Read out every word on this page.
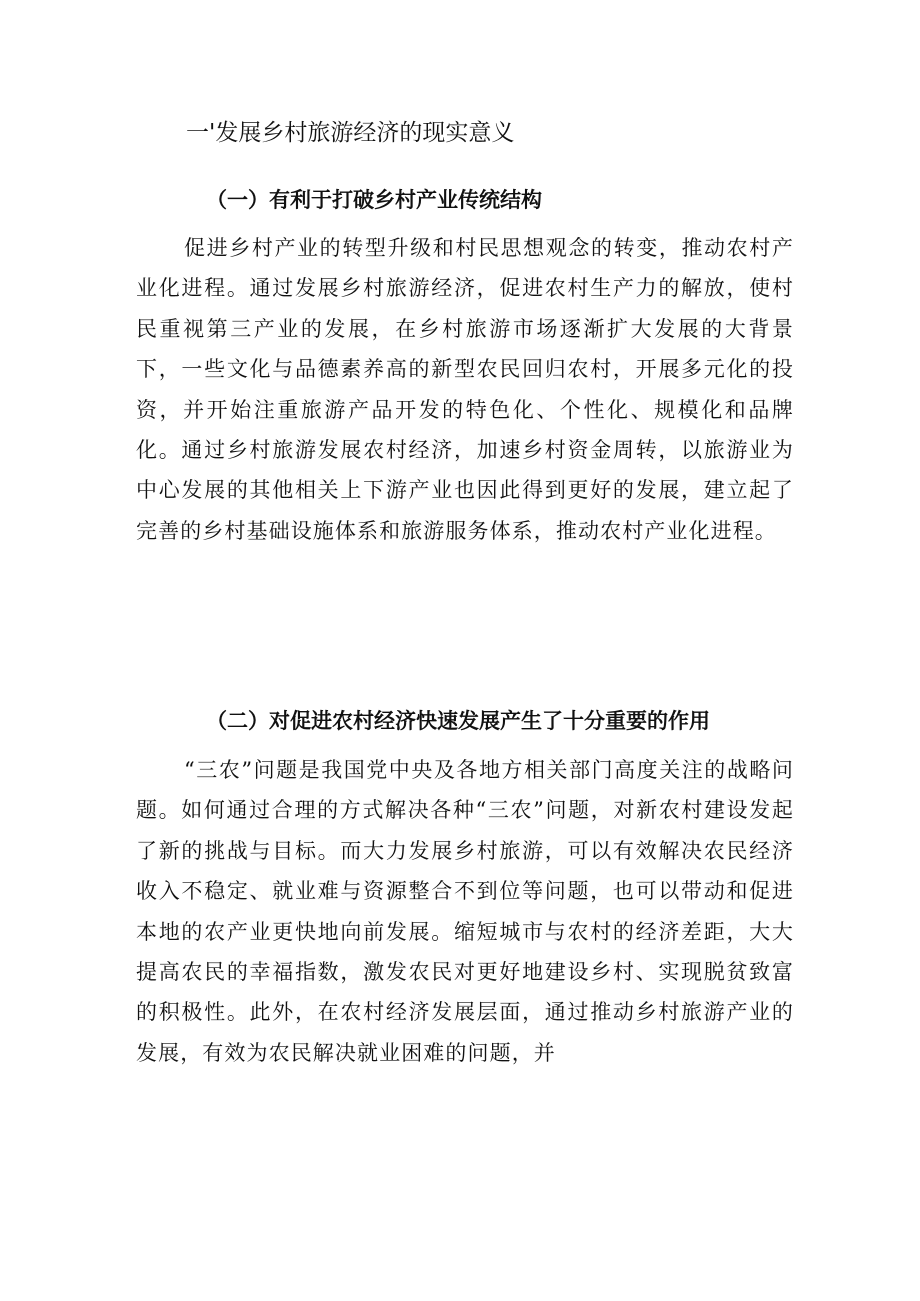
一'发展乡村旅游经济的现实意义
（一）有利于打破乡村产业传统结构

促进乡村产业的转型升级和村民思想观念的转变，推动农村产业化进程。通过发展乡村旅游经济，促进农村生产力的解放，使村民重视第三产业的发展，在乡村旅游市场逐渐扩大发展的大背景下，一些文化与品德素养高的新型农民回归农村，开展多元化的投资，并开始注重旅游产品开发的特色化、个性化、规模化和品牌化。通过乡村旅游发展农村经济，加速乡村资金周转，以旅游业为中心发展的其他相关上下游产业也因此得到更好的发展，建立起了完善的乡村基础设施体系和旅游服务体系，推动农村产业化进程。

（二）对促进农村经济快速发展产生了十分重要的作用

“三农”问题是我国党中央及各地方相关部门高度关注的战略问题。如何通过合理的方式解决各种“三农”问题，对新农村建设发起了新的挑战与目标。而大力发展乡村旅游，可以有效解决农民经济收入不稳定、就业难与资源整合不到位等问题，也可以带动和促进本地的农产业更快地向前发展。缩短城市与农村的经济差距，大大提高农民的幸福指数，激发农民对更好地建设乡村、实现脱贫致富的积极性。此外，在农村经济发展层面，通过推动乡村旅游产业的发展，有效为农民解决就业困难的问题，并
